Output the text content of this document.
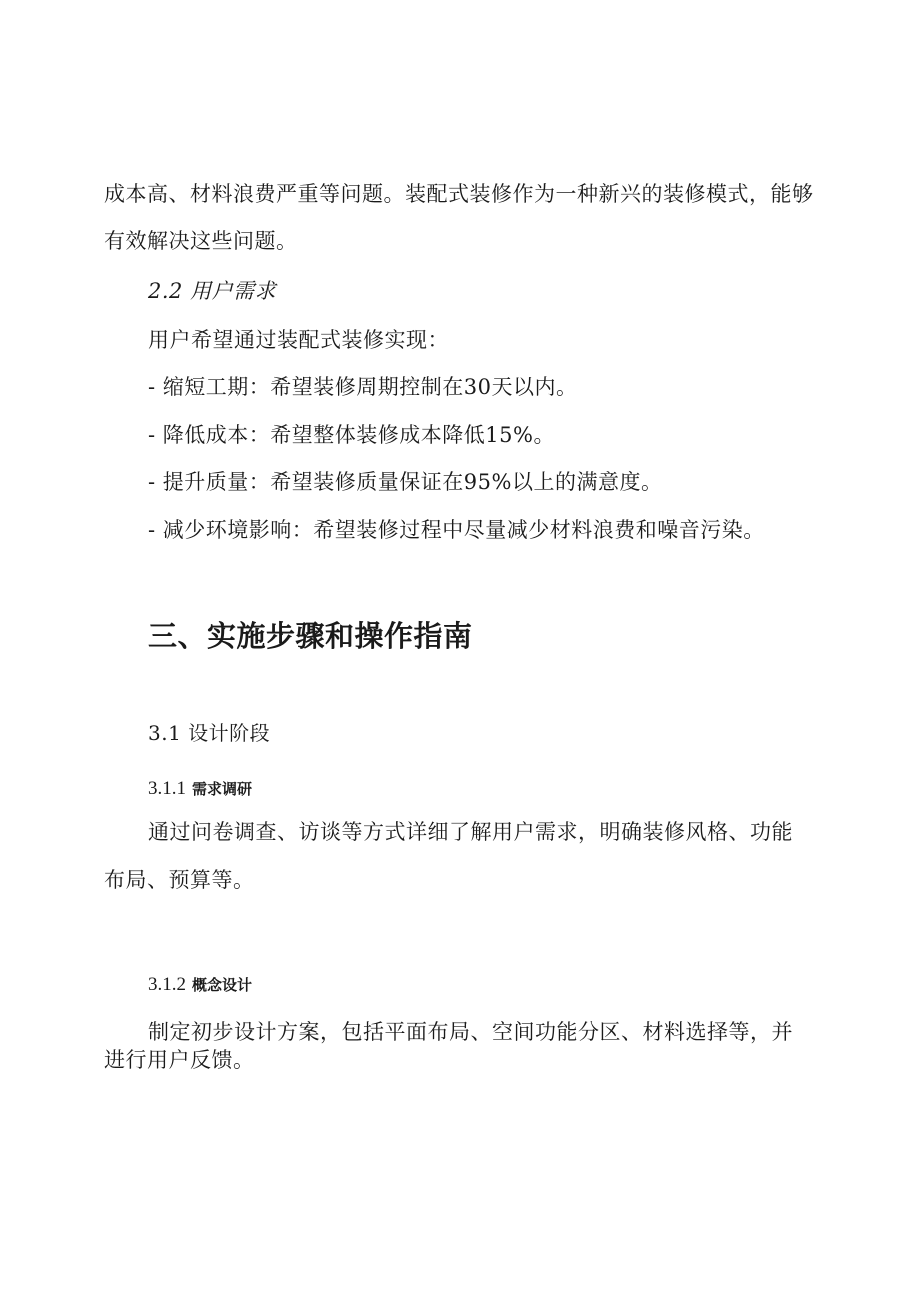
成本高、材料浪费严重等问题。装配式装修作为一种新兴的装修模式，能够
有效解决这些问题。
2.2 用户需求
用户希望通过装配式装修实现：
- 缩短工期：希望装修周期控制在30天以内。
- 降低成本：希望整体装修成本降低15%。
- 提升质量：希望装修质量保证在95%以上的满意度。
- 减少环境影响：希望装修过程中尽量减少材料浪费和噪音污染。
三、实施步骤和操作指南
3.1 设计阶段
3.1.1 需求调研
通过问卷调查、访谈等方式详细了解用户需求，明确装修风格、功能
布局、预算等。
3.1.2 概念设计
制定初步设计方案，包括平面布局、空间功能分区、材料选择等，并
进行用户反馈。
